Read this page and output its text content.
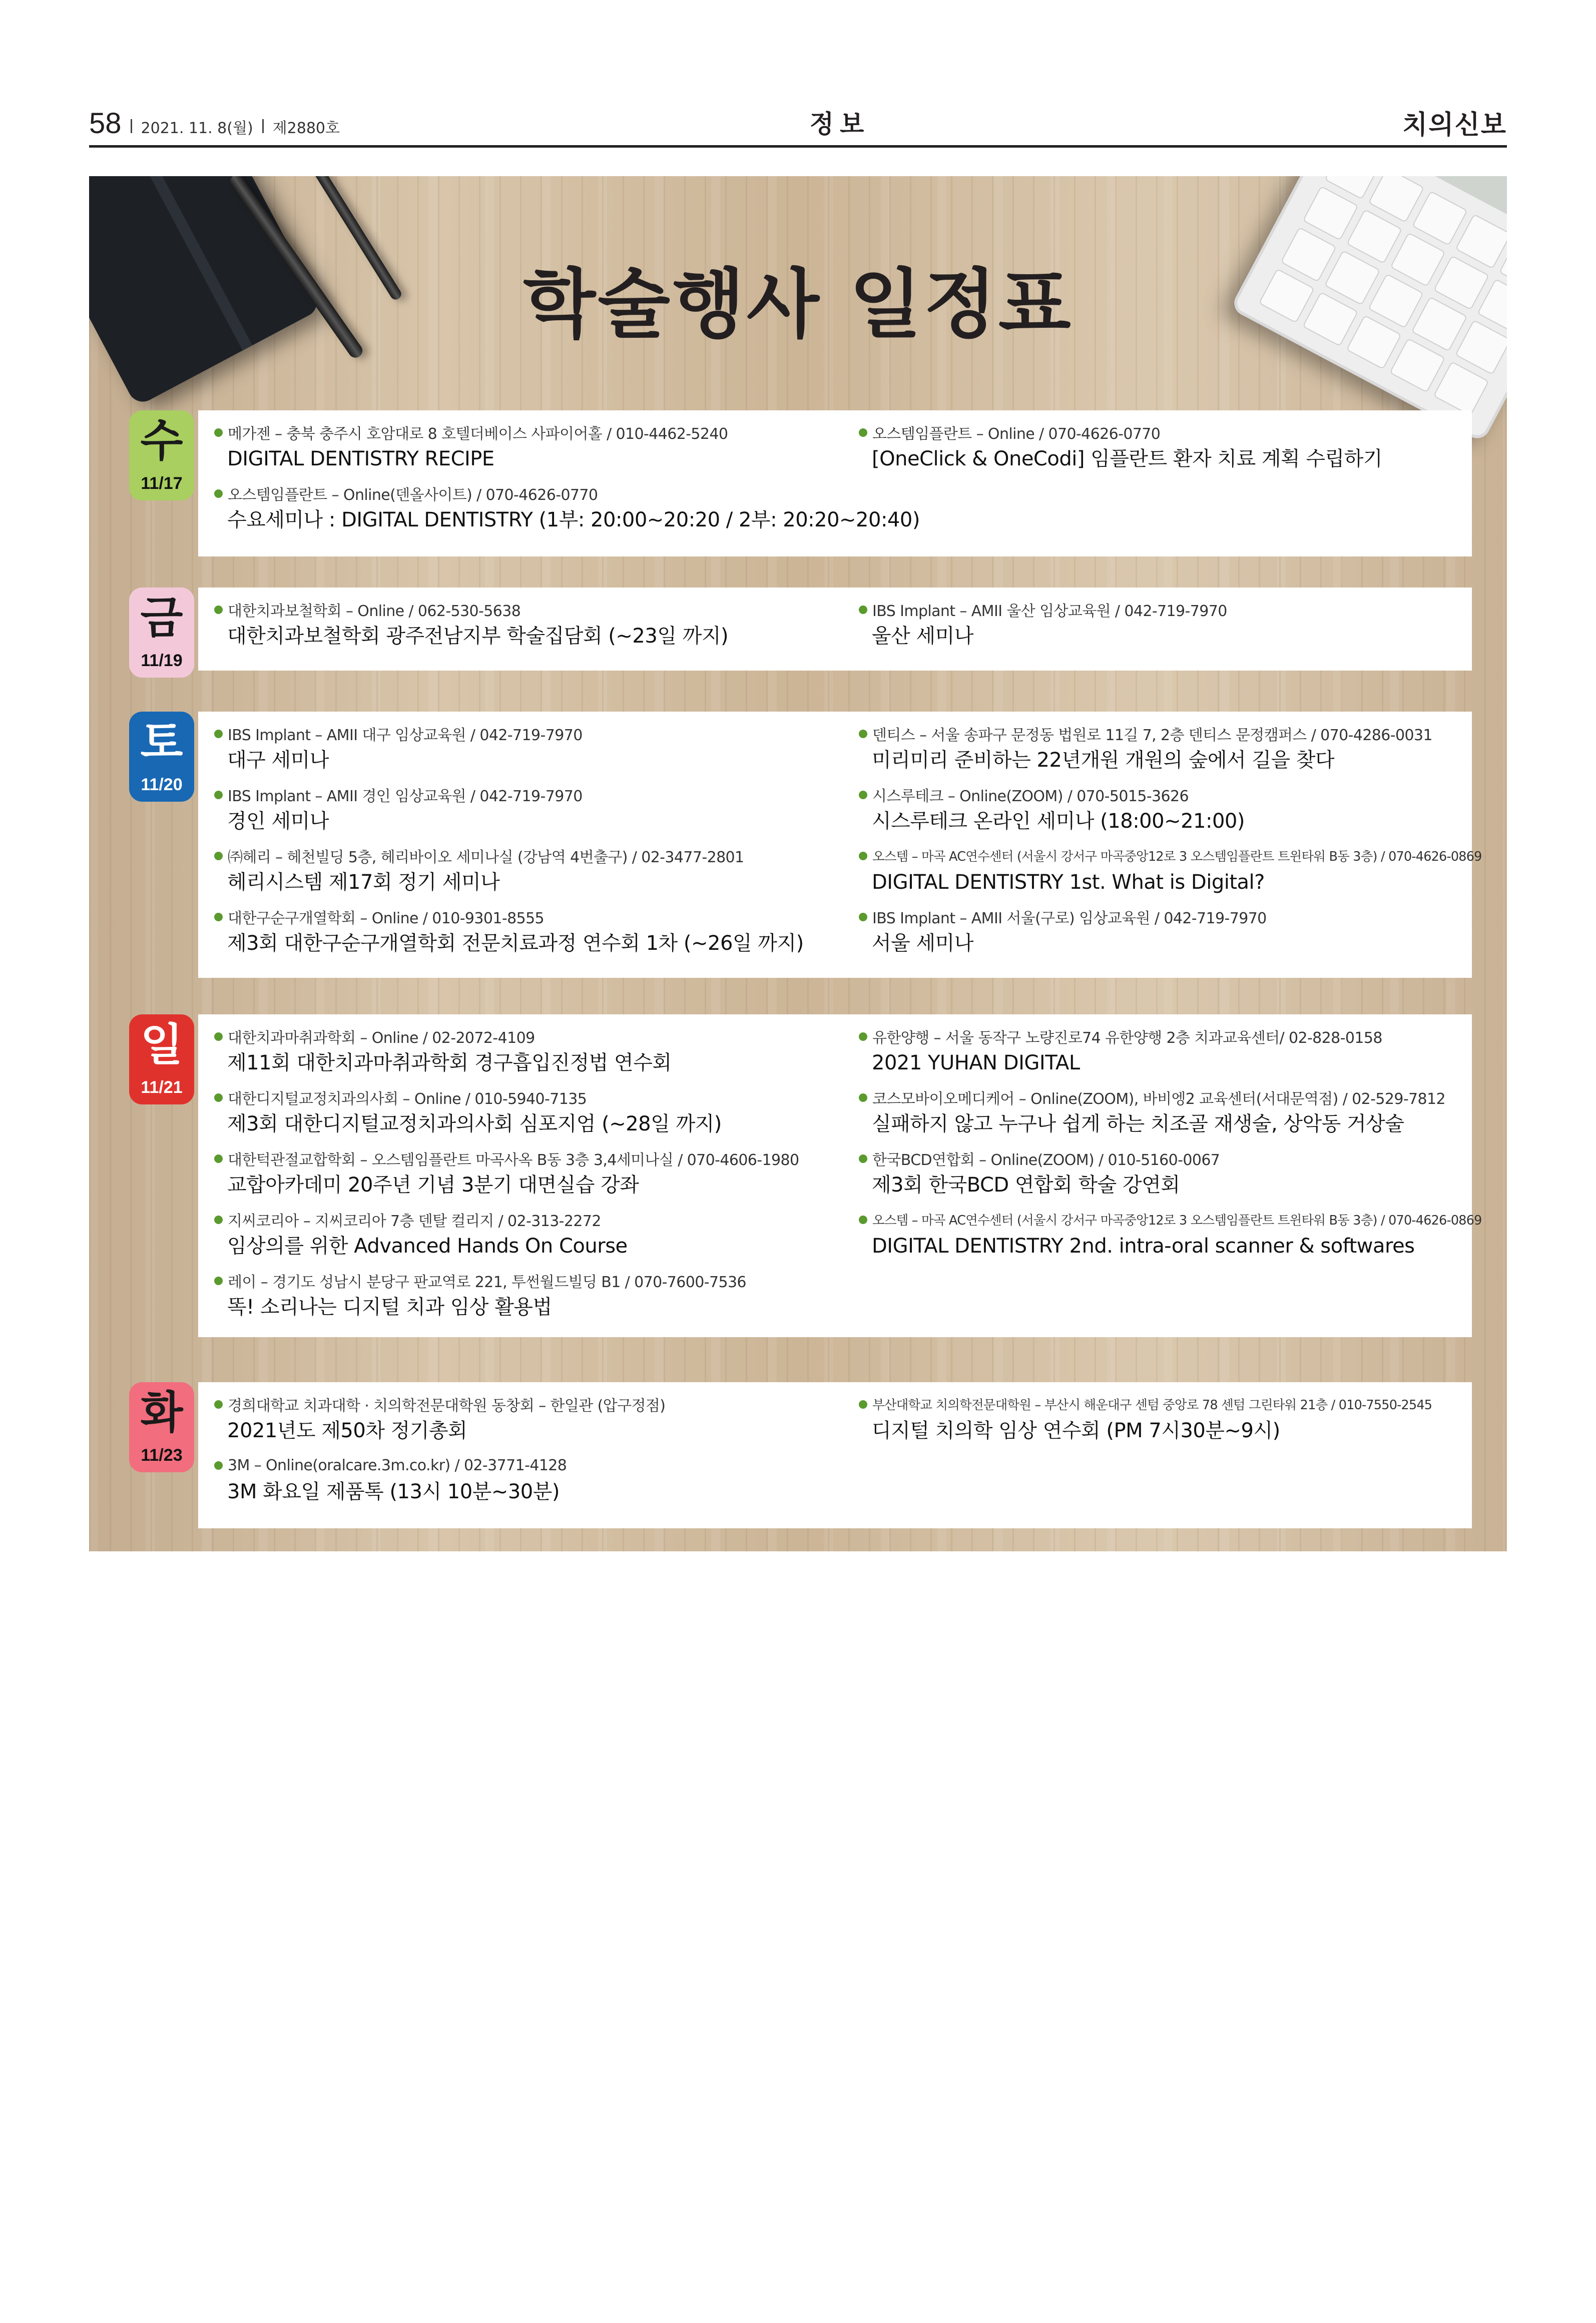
58 2021. 11. 8(월) 제2880호	정보	치의신보
학술행사 일정표
수
11/17
메가젠 – 충북 충주시 호암대로 8 호텔더베이스 사파이어홀 / 010-4462-5240
DIGITAL DENTISTRY RECIPE
오스템임플란트 – Online(덴올사이트) / 070-4626-0770
수요세미나 : DIGITAL DENTISTRY (1부: 20:00~20:20 / 2부: 20:20~20:40)
오스템임플란트 – Online / 070-4626-0770
[OneClick & OneCodi] 임플란트 환자 치료 계획 수립하기
금
11/19
대한치과보철학회 – Online / 062-530-5638
대한치과보철학회 광주전남지부 학술집담회 (~23일 까지)
IBS Implant – AMII 울산 임상교육원 / 042-719-7970
울산 세미나
토
11/20
IBS Implant – AMII 대구 임상교육원 / 042-719-7970
대구 세미나
IBS Implant – AMII 경인 임상교육원 / 042-719-7970
경인 세미나
㈜헤리 – 헤천빌딩 5층, 헤리바이오 세미나실 (강남역 4번출구) / 02-3477-2801
헤리시스템 제17회 정기 세미나
대한구순구개열학회 – Online / 010-9301-8555
제3회 대한구순구개열학회 전문치료과정 연수회 1차 (~26일 까지)
덴티스 – 서울 송파구 문정동 법원로 11길 7, 2층 덴티스 문정캠퍼스 / 070-4286-0031
미리미리 준비하는 22년개원 개원의 숲에서 길을 찾다
시스루테크 – Online(ZOOM) / 070-5015-3626
시스루테크 온라인 세미나 (18:00~21:00)
오스템 – 마곡 AC연수센터 (서울시 강서구 마곡중앙12로 3 오스템임플란트 트윈타워 B동 3층) / 070-4626-0869
DIGITAL DENTISTRY 1st. What is Digital?
IBS Implant – AMII 서울(구로) 임상교육원 / 042-719-7970
서울 세미나
일
11/21
대한치과마취과학회 – Online / 02-2072-4109
제11회 대한치과마취과학회 경구흡입진정법 연수회
대한디지털교정치과의사회 – Online / 010-5940-7135
제3회 대한디지털교정치과의사회 심포지엄 (~28일 까지)
대한턱관절교합학회 – 오스템임플란트 마곡사옥 B동 3층 3,4세미나실 / 070-4606-1980
교합아카데미 20주년 기념 3분기 대면실습 강좌
지씨코리아 – 지씨코리아 7층 덴탈 컬리지 / 02-313-2272
임상의를 위한 Advanced Hands On Course
레이 – 경기도 성남시 분당구 판교역로 221, 투썬월드빌딩 B1 / 070-7600-7536
똑! 소리나는 디지털 치과 임상 활용법
유한양행 – 서울 동작구 노량진로74 유한양행 2층 치과교육센터/ 02-828-0158
2021 YUHAN DIGITAL
코스모바이오메디케어 – Online(ZOOM), 바비엥2 교육센터(서대문역점) / 02-529-7812
실패하지 않고 누구나 쉽게 하는 치조골 재생술, 상악동 거상술
한국BCD연합회 – Online(ZOOM) / 010-5160-0067
제3회 한국BCD 연합회 학술 강연회
오스템 – 마곡 AC연수센터 (서울시 강서구 마곡중앙12로 3 오스템임플란트 트윈타워 B동 3층) / 070-4626-0869
DIGITAL DENTISTRY 2nd. intra-oral scanner & softwares
화
11/23
경희대학교 치과대학 · 치의학전문대학원 동창회 – 한일관 (압구정점)
2021년도 제50차 정기총회
3M – Online(oralcare.3m.co.kr) / 02-3771-4128
3M 화요일 제품톡 (13시 10분~30분)
부산대학교 치의학전문대학원 – 부산시 해운대구 센텀 중앙로 78 센텀 그린타워 21층 / 010-7550-2545
디지털 치의학 임상 연수회 (PM 7시30분~9시)
